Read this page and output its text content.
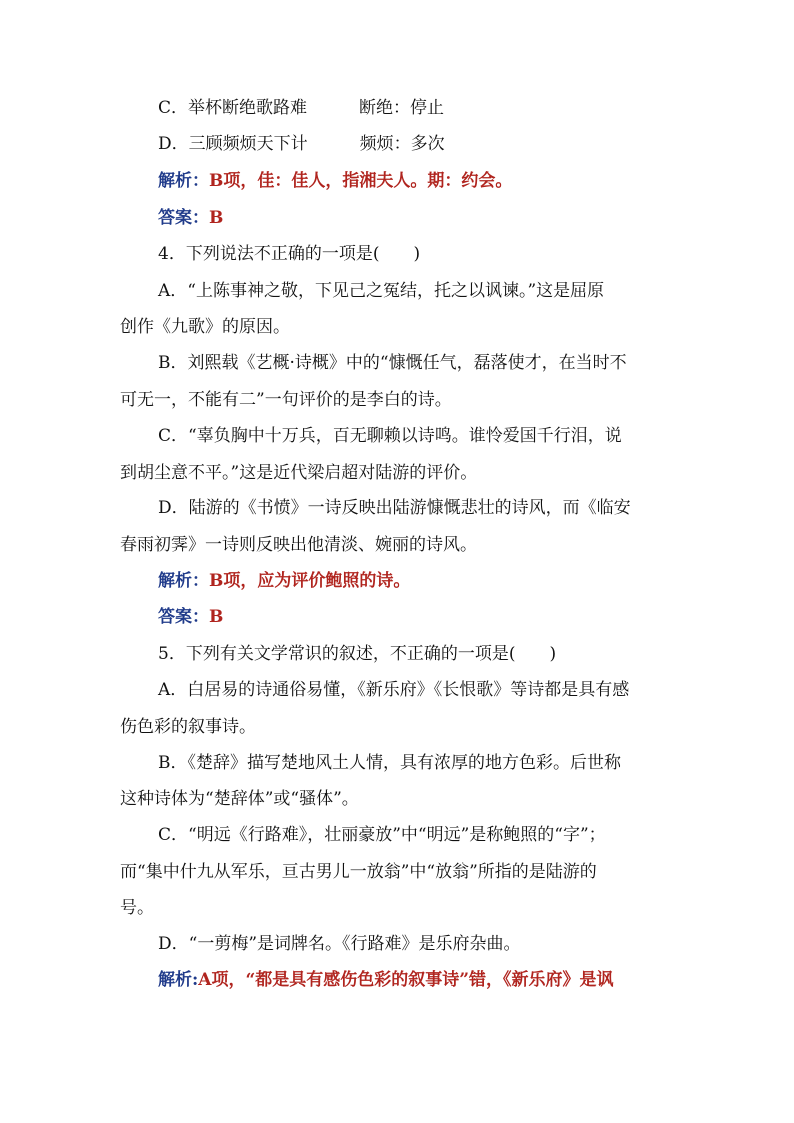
C．举杯断绝歌路难	断绝：停止
D．三顾频烦天下计	频烦：多次
解析：B项，佳：佳人，指湘夫人。期：约会。
答案：B
4．下列说法不正确的一项是(　　)
A．“上陈事神之敬，下见己之冤结，托之以讽谏。”这是屈原
创作《九歌》的原因。
B．刘熙载《艺概·诗概》中的“慷慨任气，磊落使才，在当时不
可无一，不能有二”一句评价的是李白的诗。
C．“辜负胸中十万兵，百无聊赖以诗鸣。谁怜爱国千行泪，说
到胡尘意不平。”这是近代梁启超对陆游的评价。
D．陆游的《书愤》一诗反映出陆游慷慨悲壮的诗风，而《临安
春雨初霁》一诗则反映出他清淡、婉丽的诗风。
解析：B项，应为评价鲍照的诗。
答案：B
5．下列有关文学常识的叙述，不正确的一项是(　　)
A．白居易的诗通俗易懂，《新乐府》《长恨歌》等诗都是具有感
伤色彩的叙事诗。
B．《楚辞》描写楚地风土人情，具有浓厚的地方色彩。后世称
这种诗体为“楚辞体”或“骚体”。
C．“明远《行路难》，壮丽豪放”中“明远”是称鲍照的“字”；
而“集中什九从军乐，亘古男儿一放翁”中“放翁”所指的是陆游的
号。
D．“一剪梅”是词牌名。《行路难》是乐府杂曲。
解析:A项，“都是具有感伤色彩的叙事诗”错，《新乐府》是讽
